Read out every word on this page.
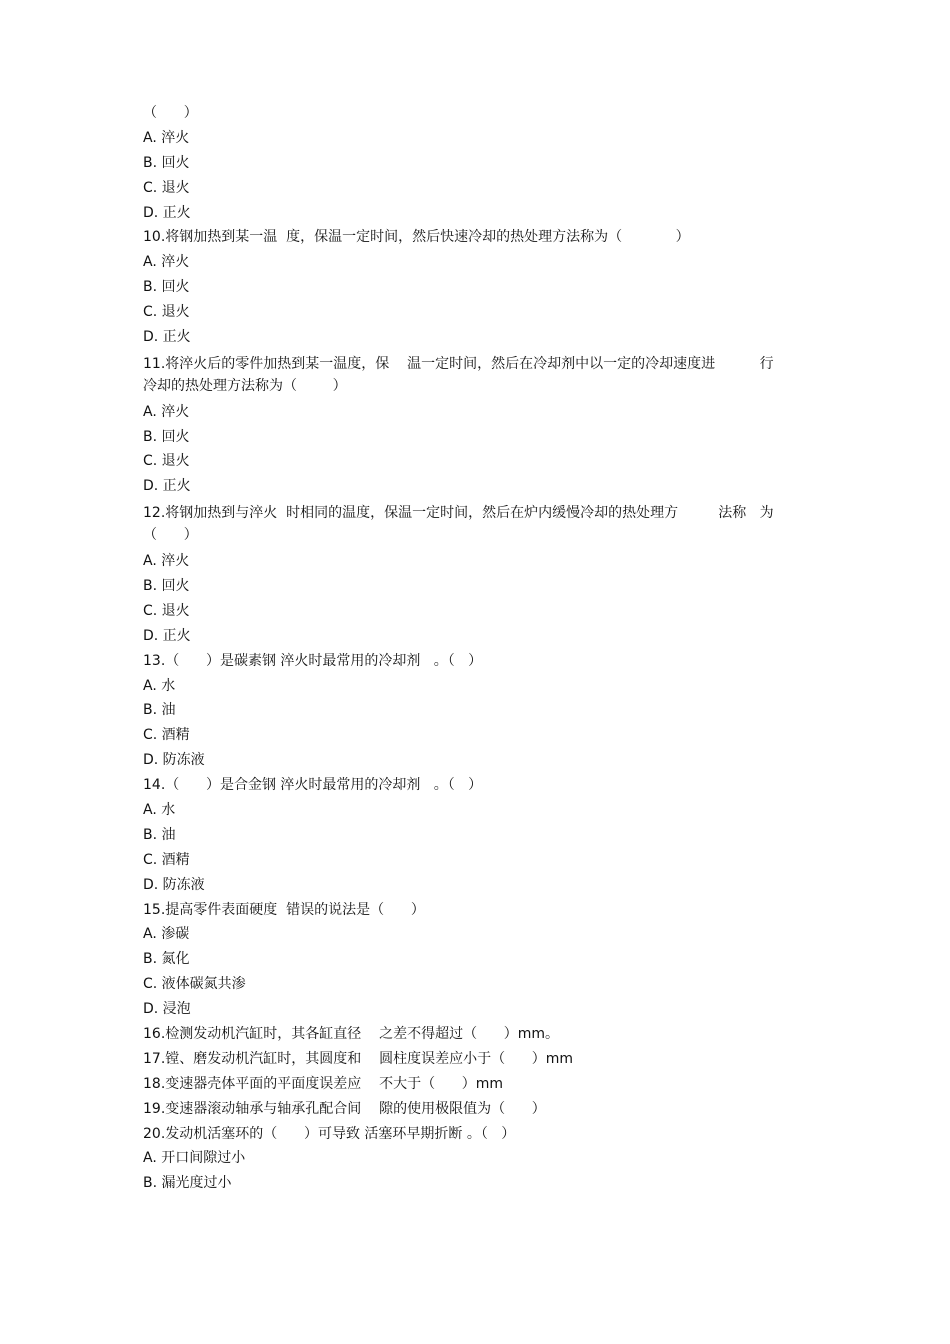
（      ）
A. 淬火
B. 回火
C. 退火
D. 正火
10.将钢加热到某一温  度，保温一定时间，然后快速冷却的热处理方法称为（            ）
A. 淬火
B. 回火
C. 退火
D. 正火
11.将淬火后的零件加热到某一温度，保    温一定时间，然后在冷却剂中以一定的冷却速度进          行
冷却的热处理方法称为（        ）
A. 淬火
B. 回火
C. 退火
D. 正火
12.将钢加热到与淬火  时相同的温度，保温一定时间，然后在炉内缓慢冷却的热处理方         法称   为
（      ）
A. 淬火
B. 回火
C. 退火
D. 正火
13.（      ）是碳素钢 淬火时最常用的冷却剂   。（   ）
A. 水
B. 油
C. 酒精
D. 防冻液
14.（      ）是合金钢 淬火时最常用的冷却剂   。（   ）
A. 水
B. 油
C. 酒精
D. 防冻液
15.提高零件表面硬度  错误的说法是（      ）
A. 渗碳
B. 氮化
C. 液体碳氮共渗
D. 浸泡
16.检测发动机汽缸时，其各缸直径    之差不得超过（      ）mm。
17.镗、磨发动机汽缸时，其圆度和    圆柱度误差应小于（      ）mm
18.变速器壳体平面的平面度误差应    不大于（      ）mm
19.变速器滚动轴承与轴承孔配合间    隙的使用极限值为（      ）
20.发动机活塞环的（      ）可导致 活塞环早期折断 。（   ）
A. 开口间隙过小
B. 漏光度过小
